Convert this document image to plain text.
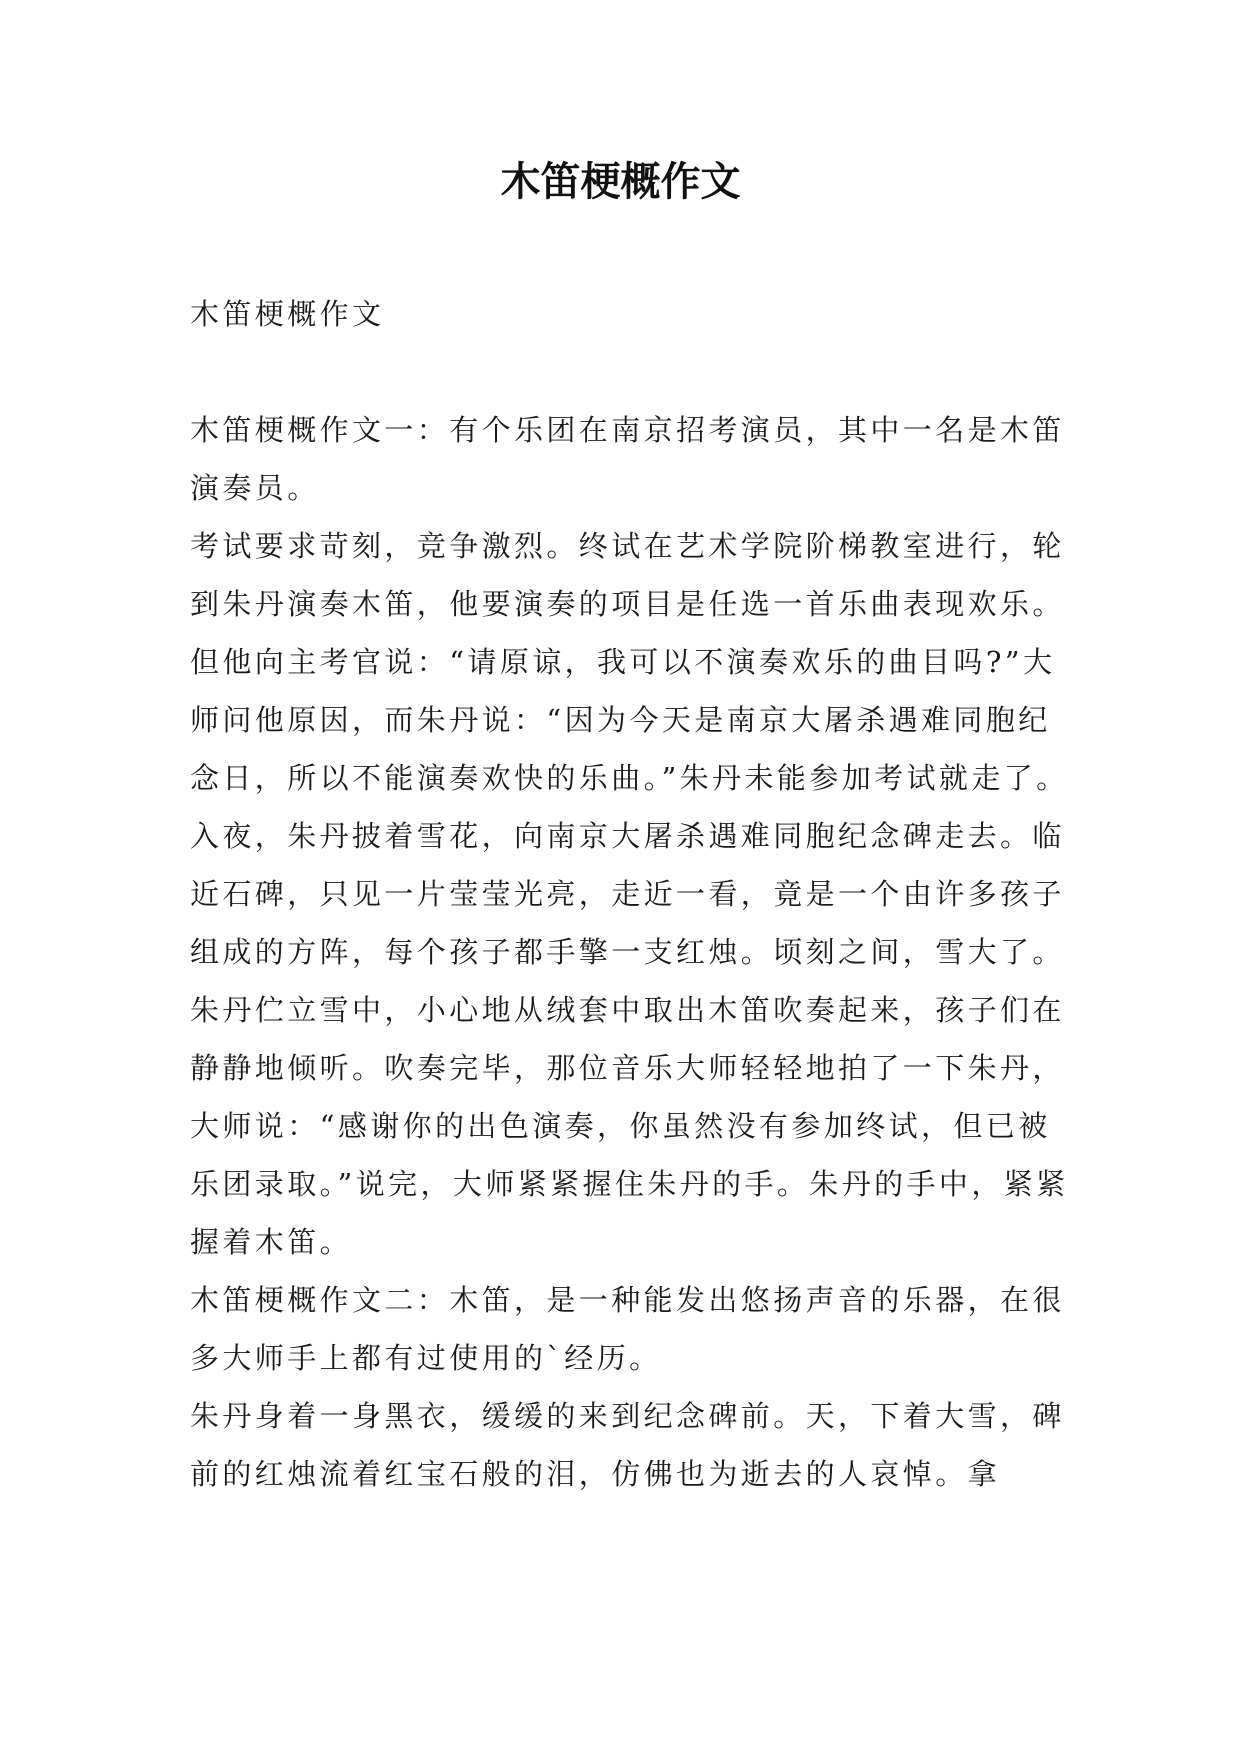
木笛梗概作文

木笛梗概作文

木笛梗概作文一：有个乐团在南京招考演员，其中一名是木笛演奏员。

考试要求苛刻，竞争激烈。终试在艺术学院阶梯教室进行，轮到朱丹演奏木笛，他要演奏的项目是任选一首乐曲表现欢乐。但他向主考官说：“请原谅，我可以不演奏欢乐的曲目吗?”大师问他原因，而朱丹说：“因为今天是南京大屠杀遇难同胞纪念日，所以不能演奏欢快的乐曲。”朱丹未能参加考试就走了。

入夜，朱丹披着雪花，向南京大屠杀遇难同胞纪念碑走去。临近石碑，只见一片莹莹光亮，走近一看，竟是一个由许多孩子组成的方阵，每个孩子都手擎一支红烛。顷刻之间，雪大了。朱丹伫立雪中，小心地从绒套中取出木笛吹奏起来，孩子们在静静地倾听。吹奏完毕，那位音乐大师轻轻地拍了一下朱丹，大师说：“感谢你的出色演奏，你虽然没有参加终试，但已被乐团录取。”说完，大师紧紧握住朱丹的手。朱丹的手中，紧紧握着木笛。

木笛梗概作文二：木笛，是一种能发出悠扬声音的乐器，在很多大师手上都有过使用的`经历。

朱丹身着一身黑衣，缓缓的来到纪念碑前。天，下着大雪，碑前的红烛流着红宝石般的泪，仿佛也为逝去的人哀悼。拿
